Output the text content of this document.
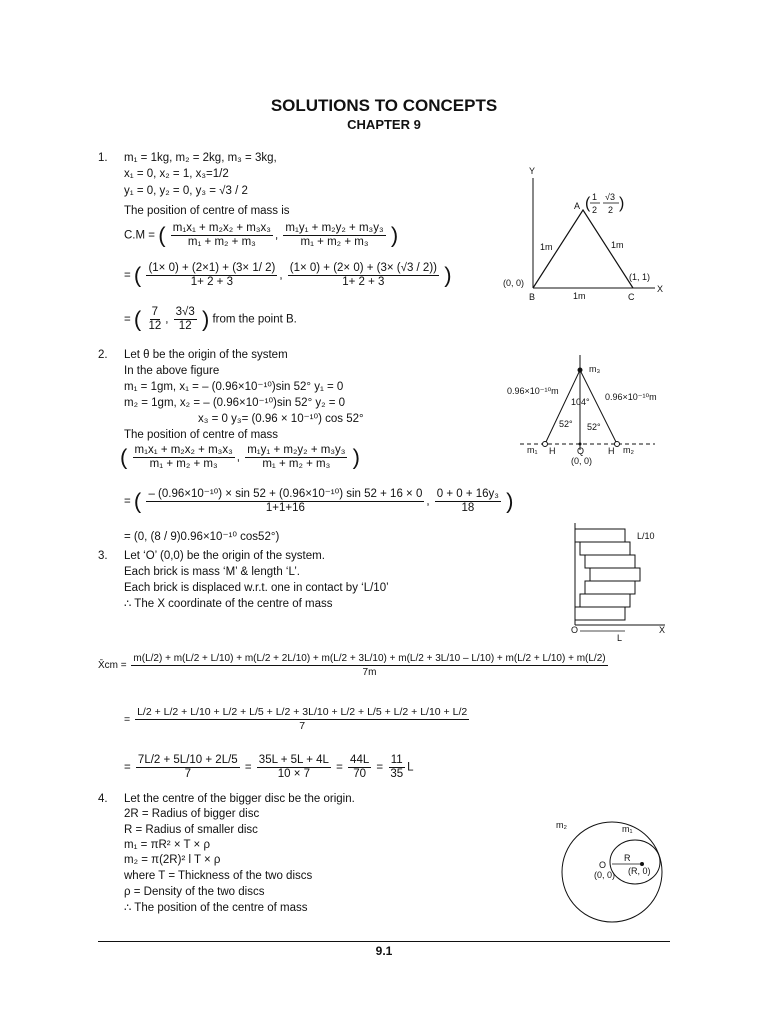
SOLUTIONS TO CONCEPTS
CHAPTER 9
1. m₁ = 1kg, m₂ = 2kg, m₃ = 3kg,
x₁ = 0, x₂ = 1, x₃=1/2
y₁ = 0, y₂ = 0, y₃ = √3 / 2
The position of centre of mass is
C.M = ( $\frac{\text{m₁x₁ + m₂x₂ + m₃x₃}}{\text{m₁ + m₂ + m₃}}$ , $\frac{\text{m₁y₁ + m₂y₂ + m₃y₃}}{\text{m₁ + m₂ + m₃}}$ )
= ( $\frac{(1\times 0) + (2\times 1) + (3\times 1/ 2)}{1+ 2 + 3}$ , $\frac{(1\times 0) + (2\times 0) + (3\times (√3 / 2))}{1+ 2 + 3}$ )
= ( $\frac{7}{12}$ , $\frac{3√3}{12}$ ) from the point B.
Y
X
A
B	C
(0, 0)
(1, 1)
1m	1m
1m
1
2
√3
2
( )
2. Let θ be the origin of the system
In the above figure
m₁ = 1gm, x₁ = – (0.96×10⁻¹⁰)sin 52° y₁ = 0
m₂ = 1gm, x₂ = – (0.96×10⁻¹⁰)sin 52° y₂ = 0
x₃ = 0 y₃= (0.96 × 10⁻¹⁰) cos 52°
The position of centre of mass
( $\frac{\text{m₁x₁ + m₂x₂ + m₃x₃}}{\text{m₁ + m₂ + m₃}}$ , $\frac{\text{m₁y₁ + m₂y₂ + m₃y₃}}{\text{m₁ + m₂ + m₃}}$ )
= ( $\frac{\text{– (0.96×10⁻¹⁰) × sin 52 + (0.96×10⁻¹⁰) sin 52 + 16 × 0}}{1+1+16}$ , $\frac{\text{0 + 0 + 16y₃}}{18}$ )
= (0, (8 / 9)0.96×10⁻¹⁰ cos52°)
m₃
m₁	m₂
H	H
Q
(0, 0)
0.96×10⁻¹⁰m
0.96×10⁻¹⁰m
104°
52° 52°
3. Let ‘O’ (0,0) be the origin of the system.
Each brick is mass ‘M’ & length ‘L’.
Each brick is displaced w.r.t. one in contact by ‘L/10’
∴ The X coordinate of the centre of mass
X̄cm =
m(L/2) + m(L/2 + L/10) + m(L/2 + 2L/10) + m(L/2 + 3L/10) + m(L/2 + 3L/10 – L/10) + m(L/2 + L/10) + m(L/2)
7m
=
L/2 + L/2 + L/10 + L/2 + L/5 + L/2 + 3L/10 + L/2 + L/5 + L/2 + L/10 + L/2
7
= $\frac{7L/2 + 5L/10 + 2L/5}{7} = \frac{35L + 5L + 4L}{10 \times 7} = \frac{44L}{70} = \frac{11}{35}$ L
L/10
O	X
L
4. Let the centre of the bigger disc be the origin.
2R = Radius of bigger disc
R = Radius of smaller disc
m₁ = πR² × T × ρ
m₂ = π(2R)² l T × ρ
where T = Thickness of the two discs
ρ = Density of the two discs
∴ The position of the centre of mass
m₂	m₁
O
R
(0, 0) (R, 0)
9.1
